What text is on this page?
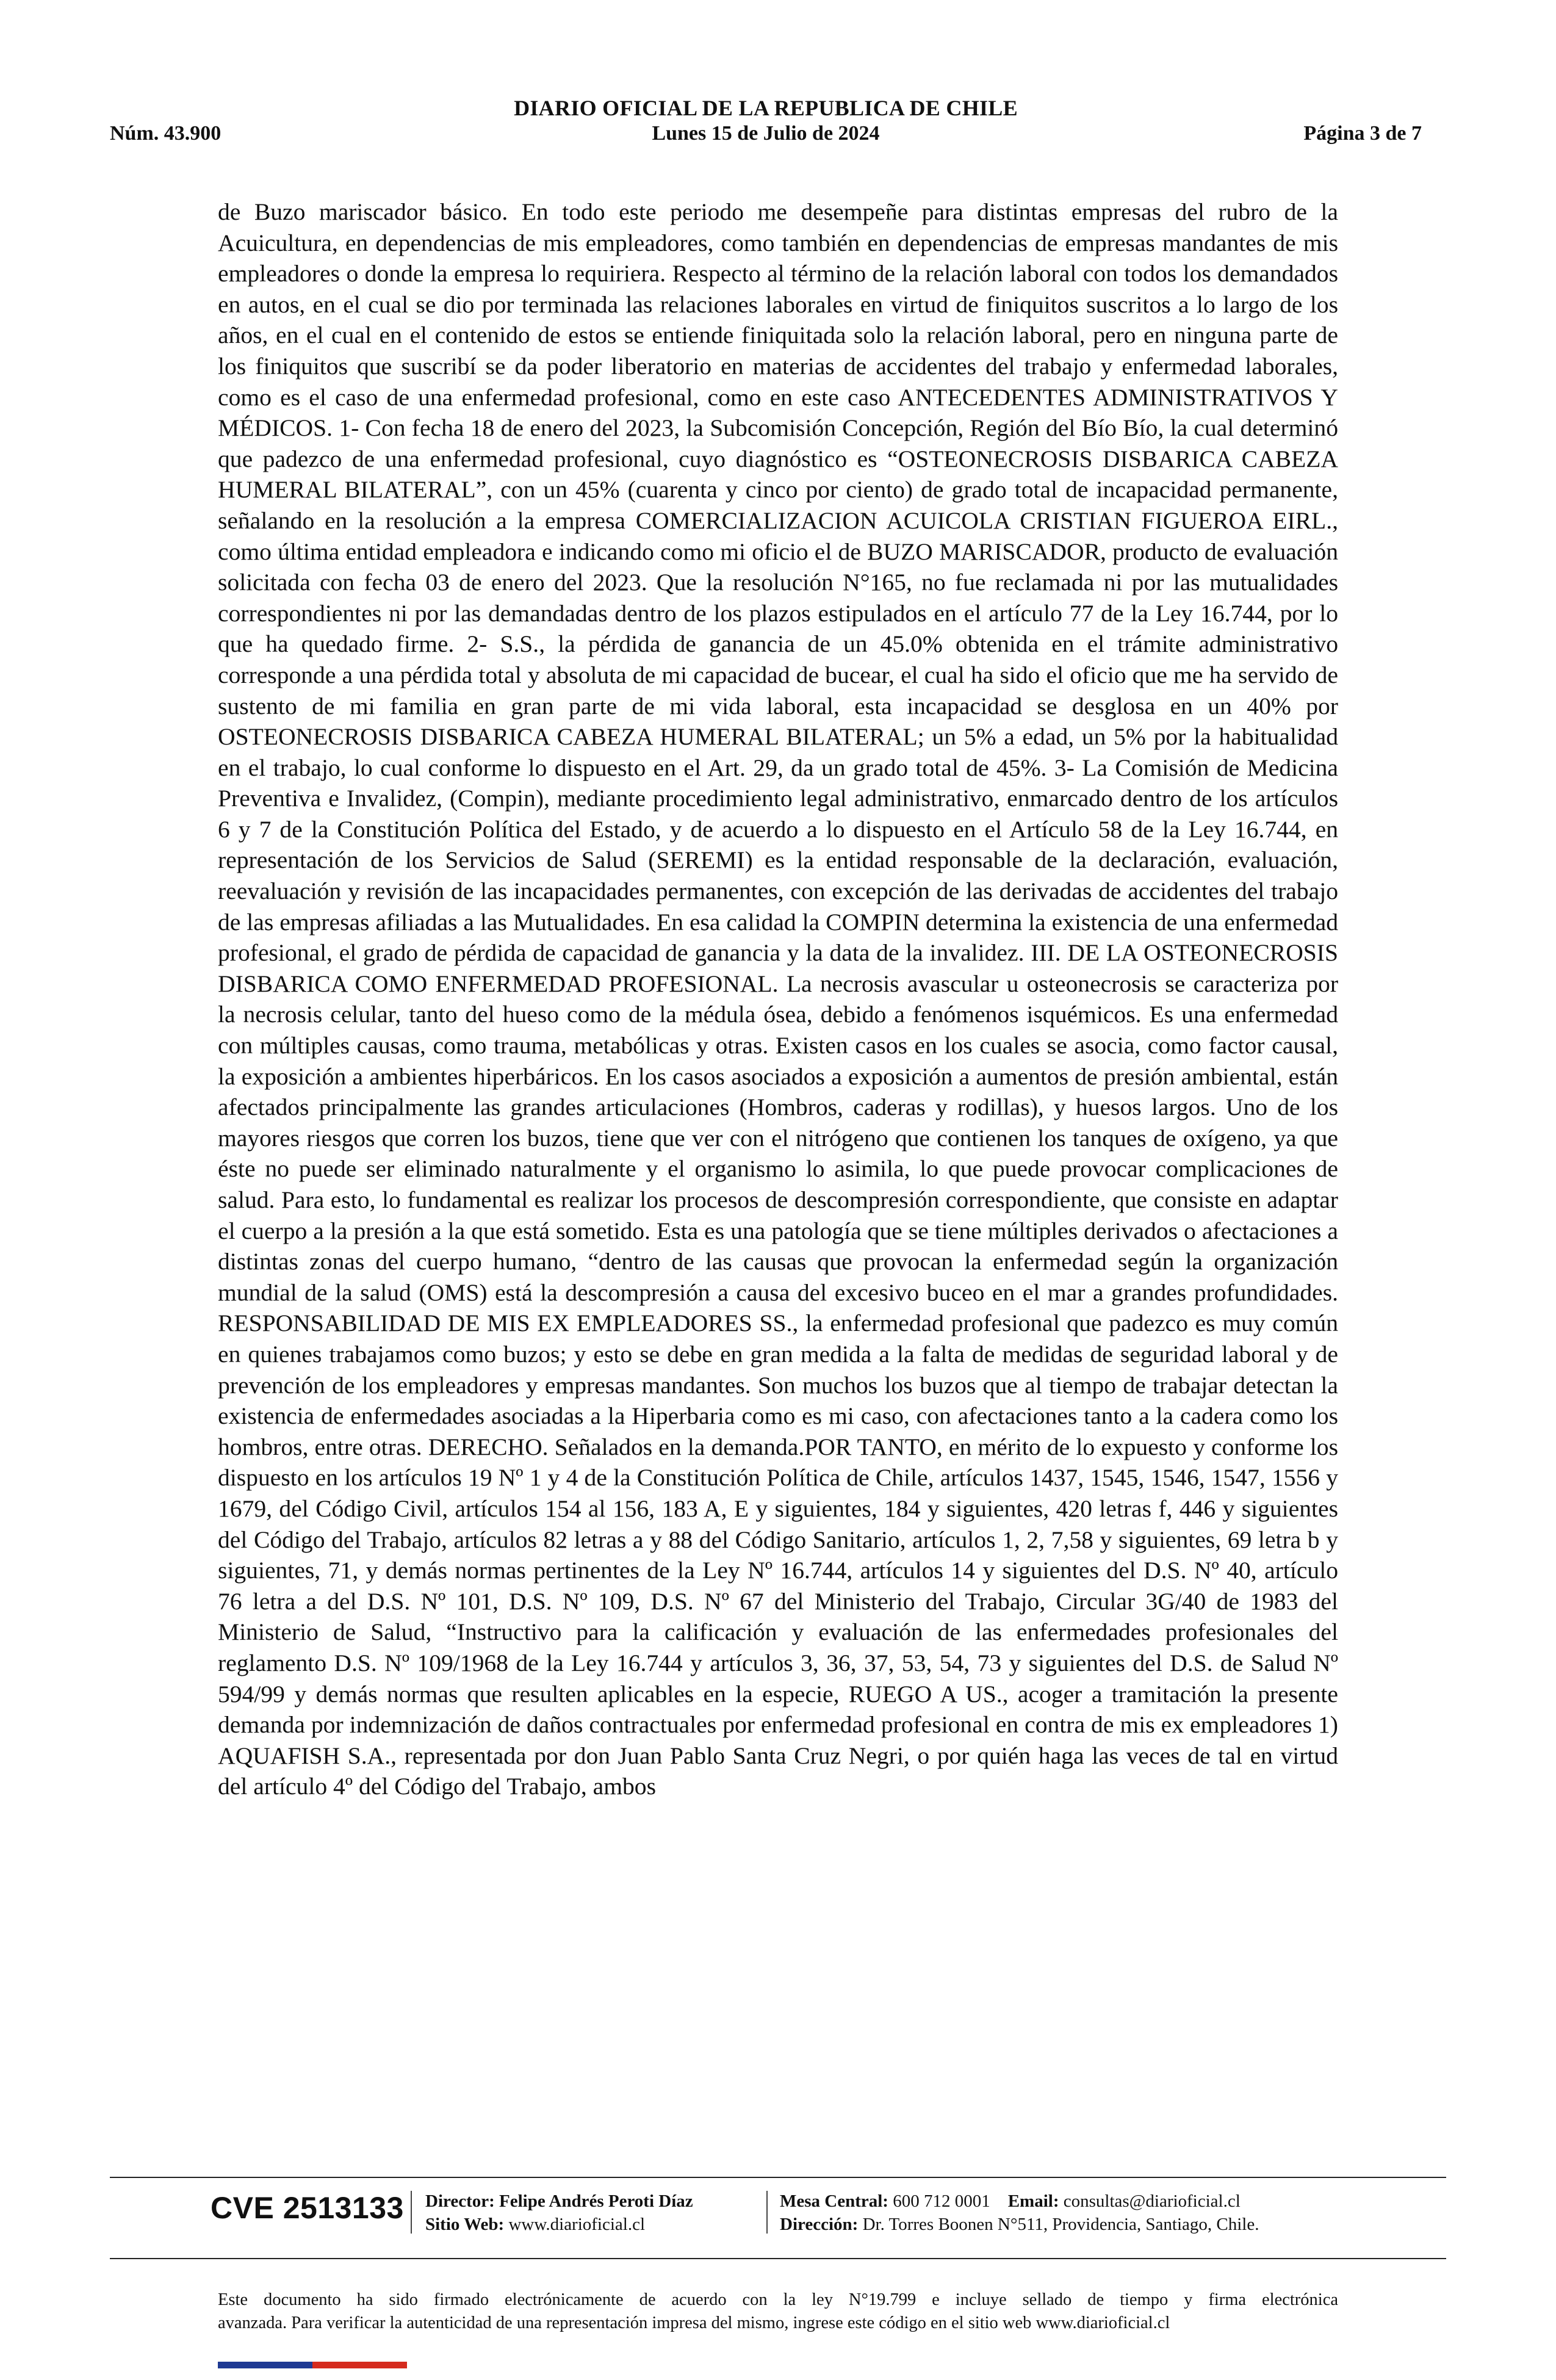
DIARIO OFICIAL DE LA REPUBLICA DE CHILE
Núm. 43.900	Lunes 15 de Julio de 2024	Página 3 de 7
de Buzo mariscador básico. En todo este periodo me desempeñe para distintas empresas del rubro de la Acuicultura, en dependencias de mis empleadores, como también en dependencias de empresas mandantes de mis empleadores o donde la empresa lo requiriera. Respecto al término de la relación laboral con todos los demandados en autos, en el cual se dio por terminada las relaciones laborales en virtud de finiquitos suscritos a lo largo de los años, en el cual en el contenido de estos se entiende finiquitada solo la relación laboral, pero en ninguna parte de los finiquitos que suscribí se da poder liberatorio en materias de accidentes del trabajo y enfermedad laborales, como es el caso de una enfermedad profesional, como en este caso ANTECEDENTES ADMINISTRATIVOS Y MÉDICOS. 1- Con fecha 18 de enero del 2023, la Subcomisión Concepción, Región del Bío Bío, la cual determinó que padezco de una enfermedad profesional, cuyo diagnóstico es “OSTEONECROSIS DISBARICA CABEZA HUMERAL BILATERAL”, con un 45% (cuarenta y cinco por ciento) de grado total de incapacidad permanente, señalando en la resolución a la empresa COMERCIALIZACION ACUICOLA CRISTIAN FIGUEROA EIRL., como última entidad empleadora e indicando como mi oficio el de BUZO MARISCADOR, producto de evaluación solicitada con fecha 03 de enero del 2023. Que la resolución N°165, no fue reclamada ni por las mutualidades correspondientes ni por las demandadas dentro de los plazos estipulados en el artículo 77 de la Ley 16.744, por lo que ha quedado firme. 2- S.S., la pérdida de ganancia de un 45.0% obtenida en el trámite administrativo corresponde a una pérdida total y absoluta de mi capacidad de bucear, el cual ha sido el oficio que me ha servido de sustento de mi familia en gran parte de mi vida laboral, esta incapacidad se desglosa en un 40% por OSTEONECROSIS DISBARICA CABEZA HUMERAL BILATERAL; un 5% a edad, un 5% por la habitualidad en el trabajo, lo cual conforme lo dispuesto en el Art. 29, da un grado total de 45%. 3- La Comisión de Medicina Preventiva e Invalidez, (Compin), mediante procedimiento legal administrativo, enmarcado dentro de los artículos 6 y 7 de la Constitución Política del Estado, y de acuerdo a lo dispuesto en el Artículo 58 de la Ley 16.744, en representación de los Servicios de Salud (SEREMI) es la entidad responsable de la declaración, evaluación, reevaluación y revisión de las incapacidades permanentes, con excepción de las derivadas de accidentes del trabajo de las empresas afiliadas a las Mutualidades. En esa calidad la COMPIN determina la existencia de una enfermedad profesional, el grado de pérdida de capacidad de ganancia y la data de la invalidez. III. DE LA OSTEONECROSIS DISBARICA COMO ENFERMEDAD PROFESIONAL. La necrosis avascular u osteonecrosis se caracteriza por la necrosis celular, tanto del hueso como de la médula ósea, debido a fenómenos isquémicos. Es una enfermedad con múltiples causas, como trauma, metabólicas y otras. Existen casos en los cuales se asocia, como factor causal, la exposición a ambientes hiperbáricos. En los casos asociados a exposición a aumentos de presión ambiental, están afectados principalmente las grandes articulaciones (Hombros, caderas y rodillas), y huesos largos. Uno de los mayores riesgos que corren los buzos, tiene que ver con el nitrógeno que contienen los tanques de oxígeno, ya que éste no puede ser eliminado naturalmente y el organismo lo asimila, lo que puede provocar complicaciones de salud. Para esto, lo fundamental es realizar los procesos de descompresión correspondiente, que consiste en adaptar el cuerpo a la presión a la que está sometido. Esta es una patología que se tiene múltiples derivados o afectaciones a distintas zonas del cuerpo humano, “dentro de las causas que provocan la enfermedad según la organización mundial de la salud (OMS) está la descompresión a causa del excesivo buceo en el mar a grandes profundidades. RESPONSABILIDAD DE MIS EX EMPLEADORES SS., la enfermedad profesional que padezco es muy común en quienes trabajamos como buzos; y esto se debe en gran medida a la falta de medidas de seguridad laboral y de prevención de los empleadores y empresas mandantes. Son muchos los buzos que al tiempo de trabajar detectan la existencia de enfermedades asociadas a la Hiperbaria como es mi caso, con afectaciones tanto a la cadera como los hombros, entre otras. DERECHO. Señalados en la demanda.POR TANTO, en mérito de lo expuesto y conforme los dispuesto en los artículos 19 Nº 1 y 4 de la Constitución Política de Chile, artículos 1437, 1545, 1546, 1547, 1556 y 1679, del Código Civil, artículos 154 al 156, 183 A, E y siguientes, 184 y siguientes, 420 letras f, 446 y siguientes del Código del Trabajo, artículos 82 letras a y 88 del Código Sanitario, artículos 1, 2, 7,58 y siguientes, 69 letra b y siguientes, 71, y demás normas pertinentes de la Ley Nº 16.744, artículos 14 y siguientes del D.S. Nº 40, artículo 76 letra a del D.S. Nº 101, D.S. Nº 109, D.S. Nº 67 del Ministerio del Trabajo, Circular 3G/40 de 1983 del Ministerio de Salud, “Instructivo para la calificación y evaluación de las enfermedades profesionales del reglamento D.S. Nº 109/1968 de la Ley 16.744 y artículos 3, 36, 37, 53, 54, 73 y siguientes del D.S. de Salud Nº 594/99 y demás normas que resulten aplicables en la especie, RUEGO A US., acoger a tramitación la presente demanda por indemnización de daños contractuales por enfermedad profesional en contra de mis ex empleadores 1) AQUAFISH S.A., representada por don Juan Pablo Santa Cruz Negri, o por quién haga las veces de tal en virtud del artículo 4º del Código del Trabajo, ambos
CVE 2513133 Director: Felipe Andrés Peroti Díaz
Sitio Web: www.diarioficial.cl
Mesa Central: 600 712 0001 Email: consultas@diarioficial.cl
Dirección: Dr. Torres Boonen N°511, Providencia, Santiago, Chile.
Este documento ha sido firmado electrónicamente de acuerdo con la ley N°19.799 e incluye sellado de tiempo y firma electrónica
avanzada. Para verificar la autenticidad de una representación impresa del mismo, ingrese este código en el sitio web www.diarioficial.cl
